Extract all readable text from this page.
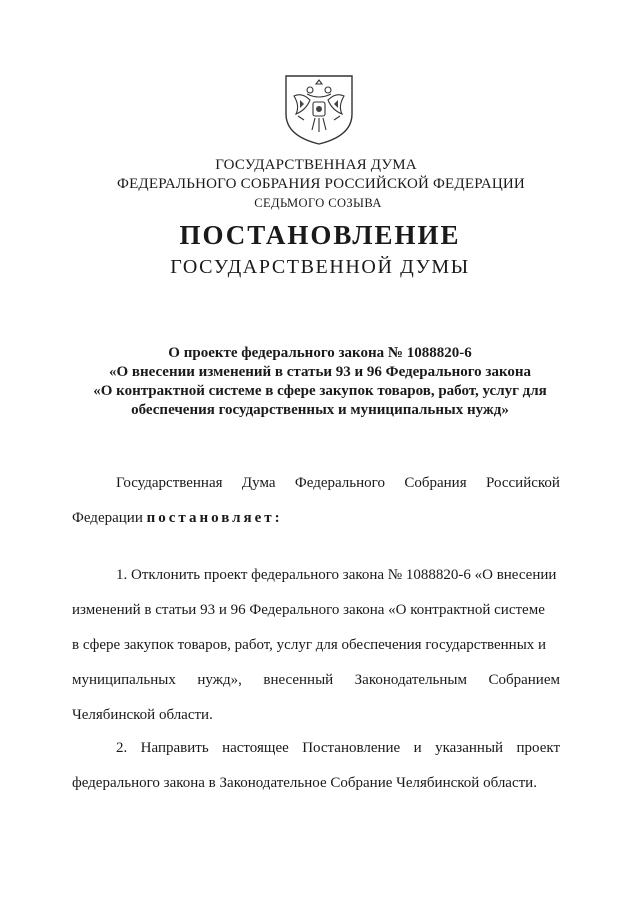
ГОСУДАРСТВЕННАЯ ДУМА
ФЕДЕРАЛЬНОГО СОБРАНИЯ РОССИЙСКОЙ ФЕДЕРАЦИИ
СЕДЬМОГО СОЗЫВА
ПОСТАНОВЛЕНИЕ
ГОСУДАРСТВЕННОЙ ДУМЫ
О проекте федерального закона № 1088820-6
«О внесении изменений в статьи 93 и 96 Федерального закона
«О контрактной системе в сфере закупок товаров, работ, услуг для
обеспечения государственных и муниципальных нужд»
Государственная Дума Федерального Собрания Российской
Федерации постановляет:
1. Отклонить проект федерального закона № 1088820-6 «О внесении
изменений в статьи 93 и 96 Федерального закона «О контрактной системе
в сфере закупок товаров, работ, услуг для обеспечения государственных и
муниципальных нужд», внесенный Законодательным Собранием
Челябинской области.
2. Направить настоящее Постановление и указанный проект
федерального закона в Законодательное Собрание Челябинской области.
